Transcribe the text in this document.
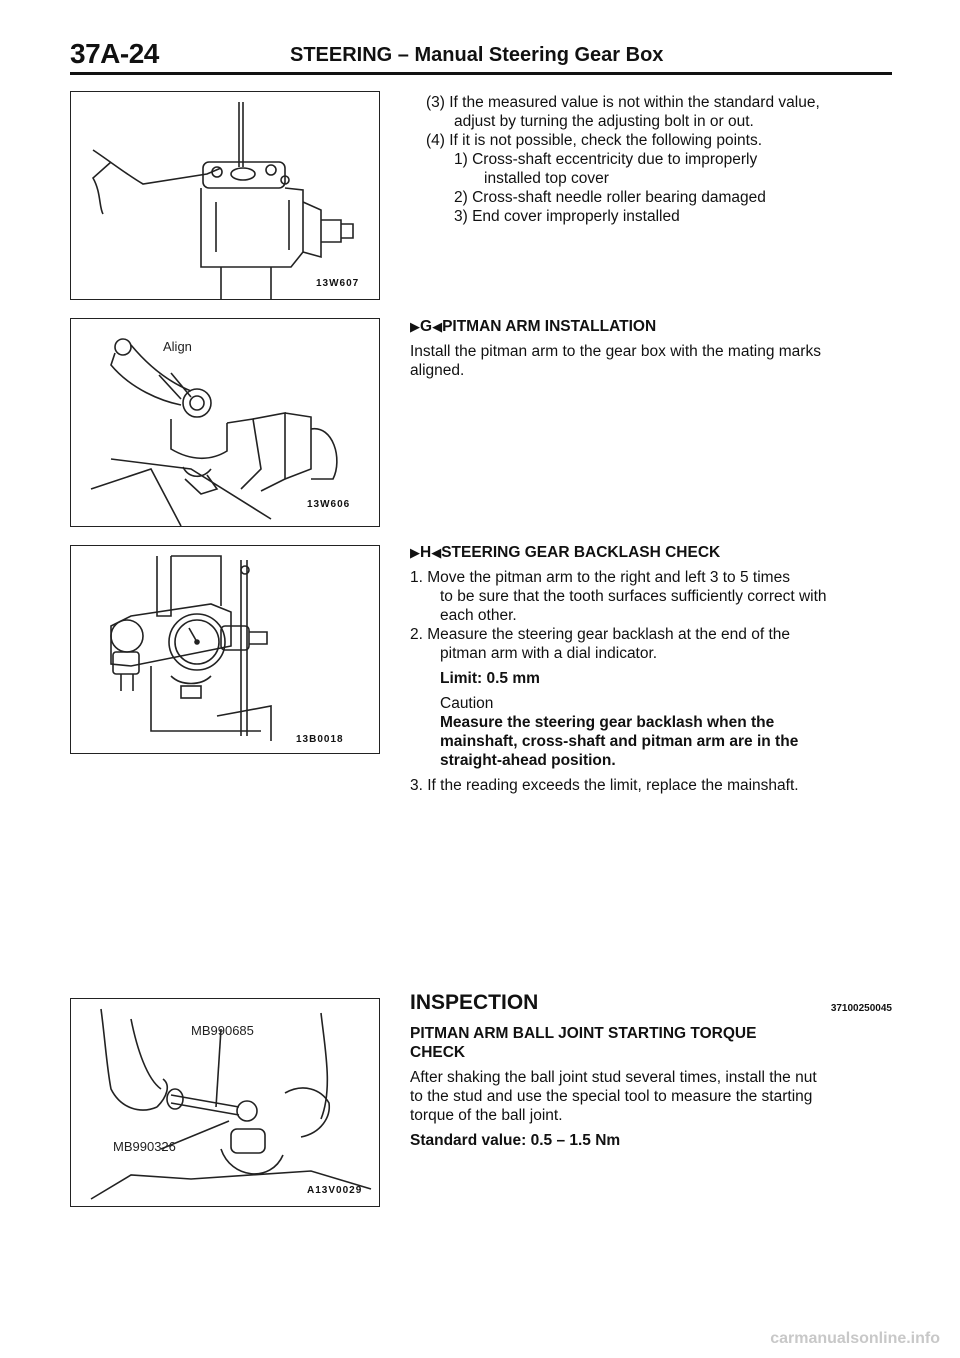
37A-24	STEERING – Manual Steering Gear Box
13W607
Align
13W606
13B0018
MB990685
MB990326
A13V0029
(3) If the measured value is not within the standard value,
adjust by turning the adjusting bolt in or out.
(4) If it is not possible, check the following points.
1) Cross-shaft eccentricity due to improperly
installed top cover
2) Cross-shaft needle roller bearing damaged
3) End cover improperly installed
▶G◀PITMAN ARM INSTALLATION
Install the pitman arm to the gear box with the mating marks
aligned.
▶H◀STEERING GEAR BACKLASH CHECK
1. Move the pitman arm to the right and left 3 to 5 times
to be sure that the tooth surfaces sufficiently correct with
each other.
2. Measure the steering gear backlash at the end of the
pitman arm with a dial indicator.
Limit: 0.5 mm
Caution
Measure the steering gear backlash when the
mainshaft, cross-shaft and pitman arm are in the
straight-ahead position.
3. If the reading exceeds the limit, replace the mainshaft.
INSPECTION	37100250045
PITMAN ARM BALL JOINT STARTING TORQUE
CHECK
After shaking the ball joint stud several times, install the nut
to the stud and use the special tool to measure the starting
torque of the ball joint.
Standard value: 0.5 – 1.5 Nm
carmanualsonline.info
